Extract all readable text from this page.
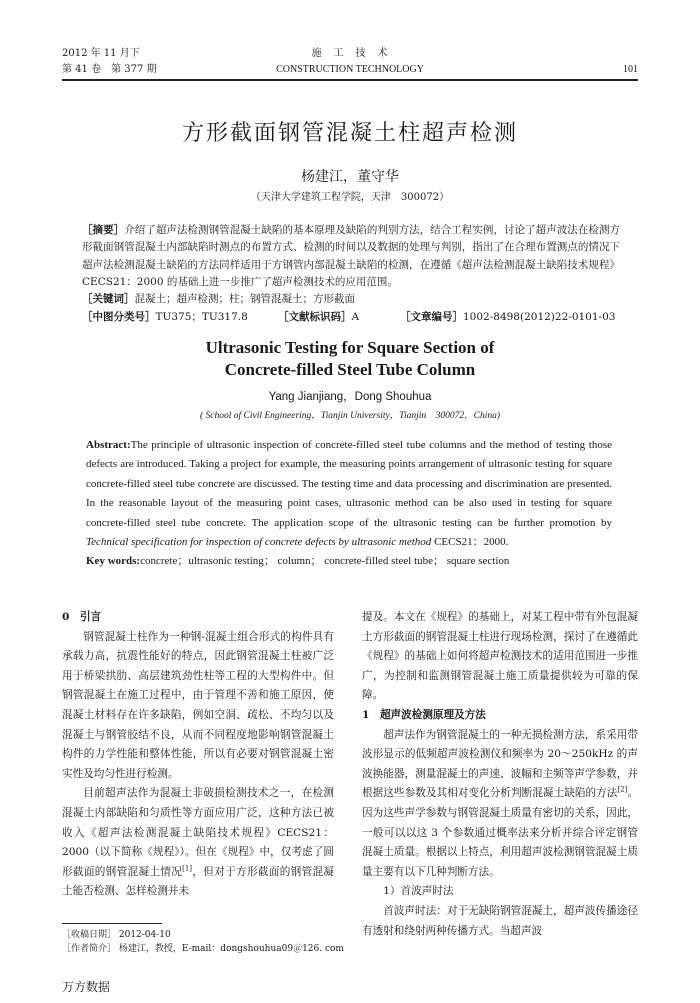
2012 年 11 月下
第 41 卷　第 377 期
施　工　技　术
CONSTRUCTION TECHNOLOGY	101
方形截面钢管混凝土柱超声检测
杨建江，董守华
（天津大学建筑工程学院，天津　300072）
［摘要］介绍了超声法检测钢管混凝土缺陷的基本原理及缺陷的判别方法，结合工程实例，讨论了超声波法在检测方形截面钢管混凝土内部缺陷时测点的布置方式、检测的时间以及数据的处理与判别，指出了在合理布置测点的情况下超声法检测混凝土缺陷的方法同样适用于方钢管内部混凝土缺陷的检测，在遵循《超声法检测混凝土缺陷技术规程》CECS21：2000 的基础上进一步推广了超声检测技术的应用范围。
［关键词］混凝土；超声检测；柱；钢管混凝土；方形截面
［中图分类号］TU375；TU317.8	［文献标识码］A	［文章编号］1002-8498(2012)22-0101-03
Ultrasonic Testing for Square Section of
Concrete-filled Steel Tube Column
Yang Jianjiang，Dong Shouhua
( School of Civil Engineering，Tianjin University，Tianjin　300072，China)
Abstract:The principle of ultrasonic inspection of concrete-filled steel tube columns and the method of testing those defects are introduced. Taking a project for example, the measuring points arrangement of ultrasonic testing for square concrete-filled steel tube concrete are discussed. The testing time and data processing and discrimination are presented. In the reasonable layout of the measuring point cases, ultrasonic method can be also used in testing for square concrete-filled steel tube concrete. The application scope of the ultrasonic testing can be further promotion by Technical specification for inspection of concrete defects by ultrasonic method CECS21：2000.
Key words:concrete；ultrasonic testing； column； concrete-filled steel tube； square section

0　引言

钢管混凝土柱作为一种钢-混凝土组合形式的构件具有承载力高，抗震性能好的特点，因此钢管混凝土柱被广泛用于桥梁拱肋、高层建筑劲性柱等工程的大型构件中。但钢管混凝土在施工过程中，由于管理不善和施工原因，使混凝土材料存在许多缺陷，例如空洞、疏松、不均匀以及混凝土与钢管胶结不良，从而不同程度地影响钢管混凝土构件的力学性能和整体性能，所以有必要对钢管混凝土密实性及均匀性进行检测。

目前超声法作为混凝土非破损检测技术之一，在检测混凝土内部缺陷和匀质性等方面应用广泛，这种方法已被收入《超声法检测混凝土缺陷技术规程》CECS21：2000（以下简称《规程》）。但在《规程》中，仅考虑了圆形截面的钢管混凝土情况[1]，但对于方形截面的钢管混凝土能否检测、怎样检测并未

［收稿日期］ 2012-04-10
［作者简介］ 杨建江，教授，E-mail：dongshouhua09＠126. com

提及。本文在《规程》的基础上，对某工程中带有外包混凝土方形截面的钢管混凝土柱进行现场检测，探讨了在遵循此《规程》的基础上如何将超声检测技术的适用范围进一步推广，为控制和监测钢管混凝土施工质量提供较为可靠的保障。

1　超声波检测原理及方法

超声法作为钢管混凝土的一种无损检测方法，系采用带波形显示的低频超声波检测仪和频率为 20～250kHz 的声波换能器，测量混凝土的声速、波幅和主频等声学参数，并根据这些参数及其相对变化分析判断混凝土缺陷的方法[2]。因为这些声学参数与钢管混凝土质量有密切的关系，因此，一般可以以这 3 个参数通过概率法来分析并综合评定钢管混凝土质量。根据以上特点，利用超声波检测钢管混凝土质量主要有以下几种判断方法。

1）首波声时法

首波声时法：对于无缺陷钢管混凝土，超声波传播途径有透射和绕射两种传播方式。当超声波

万方数据
